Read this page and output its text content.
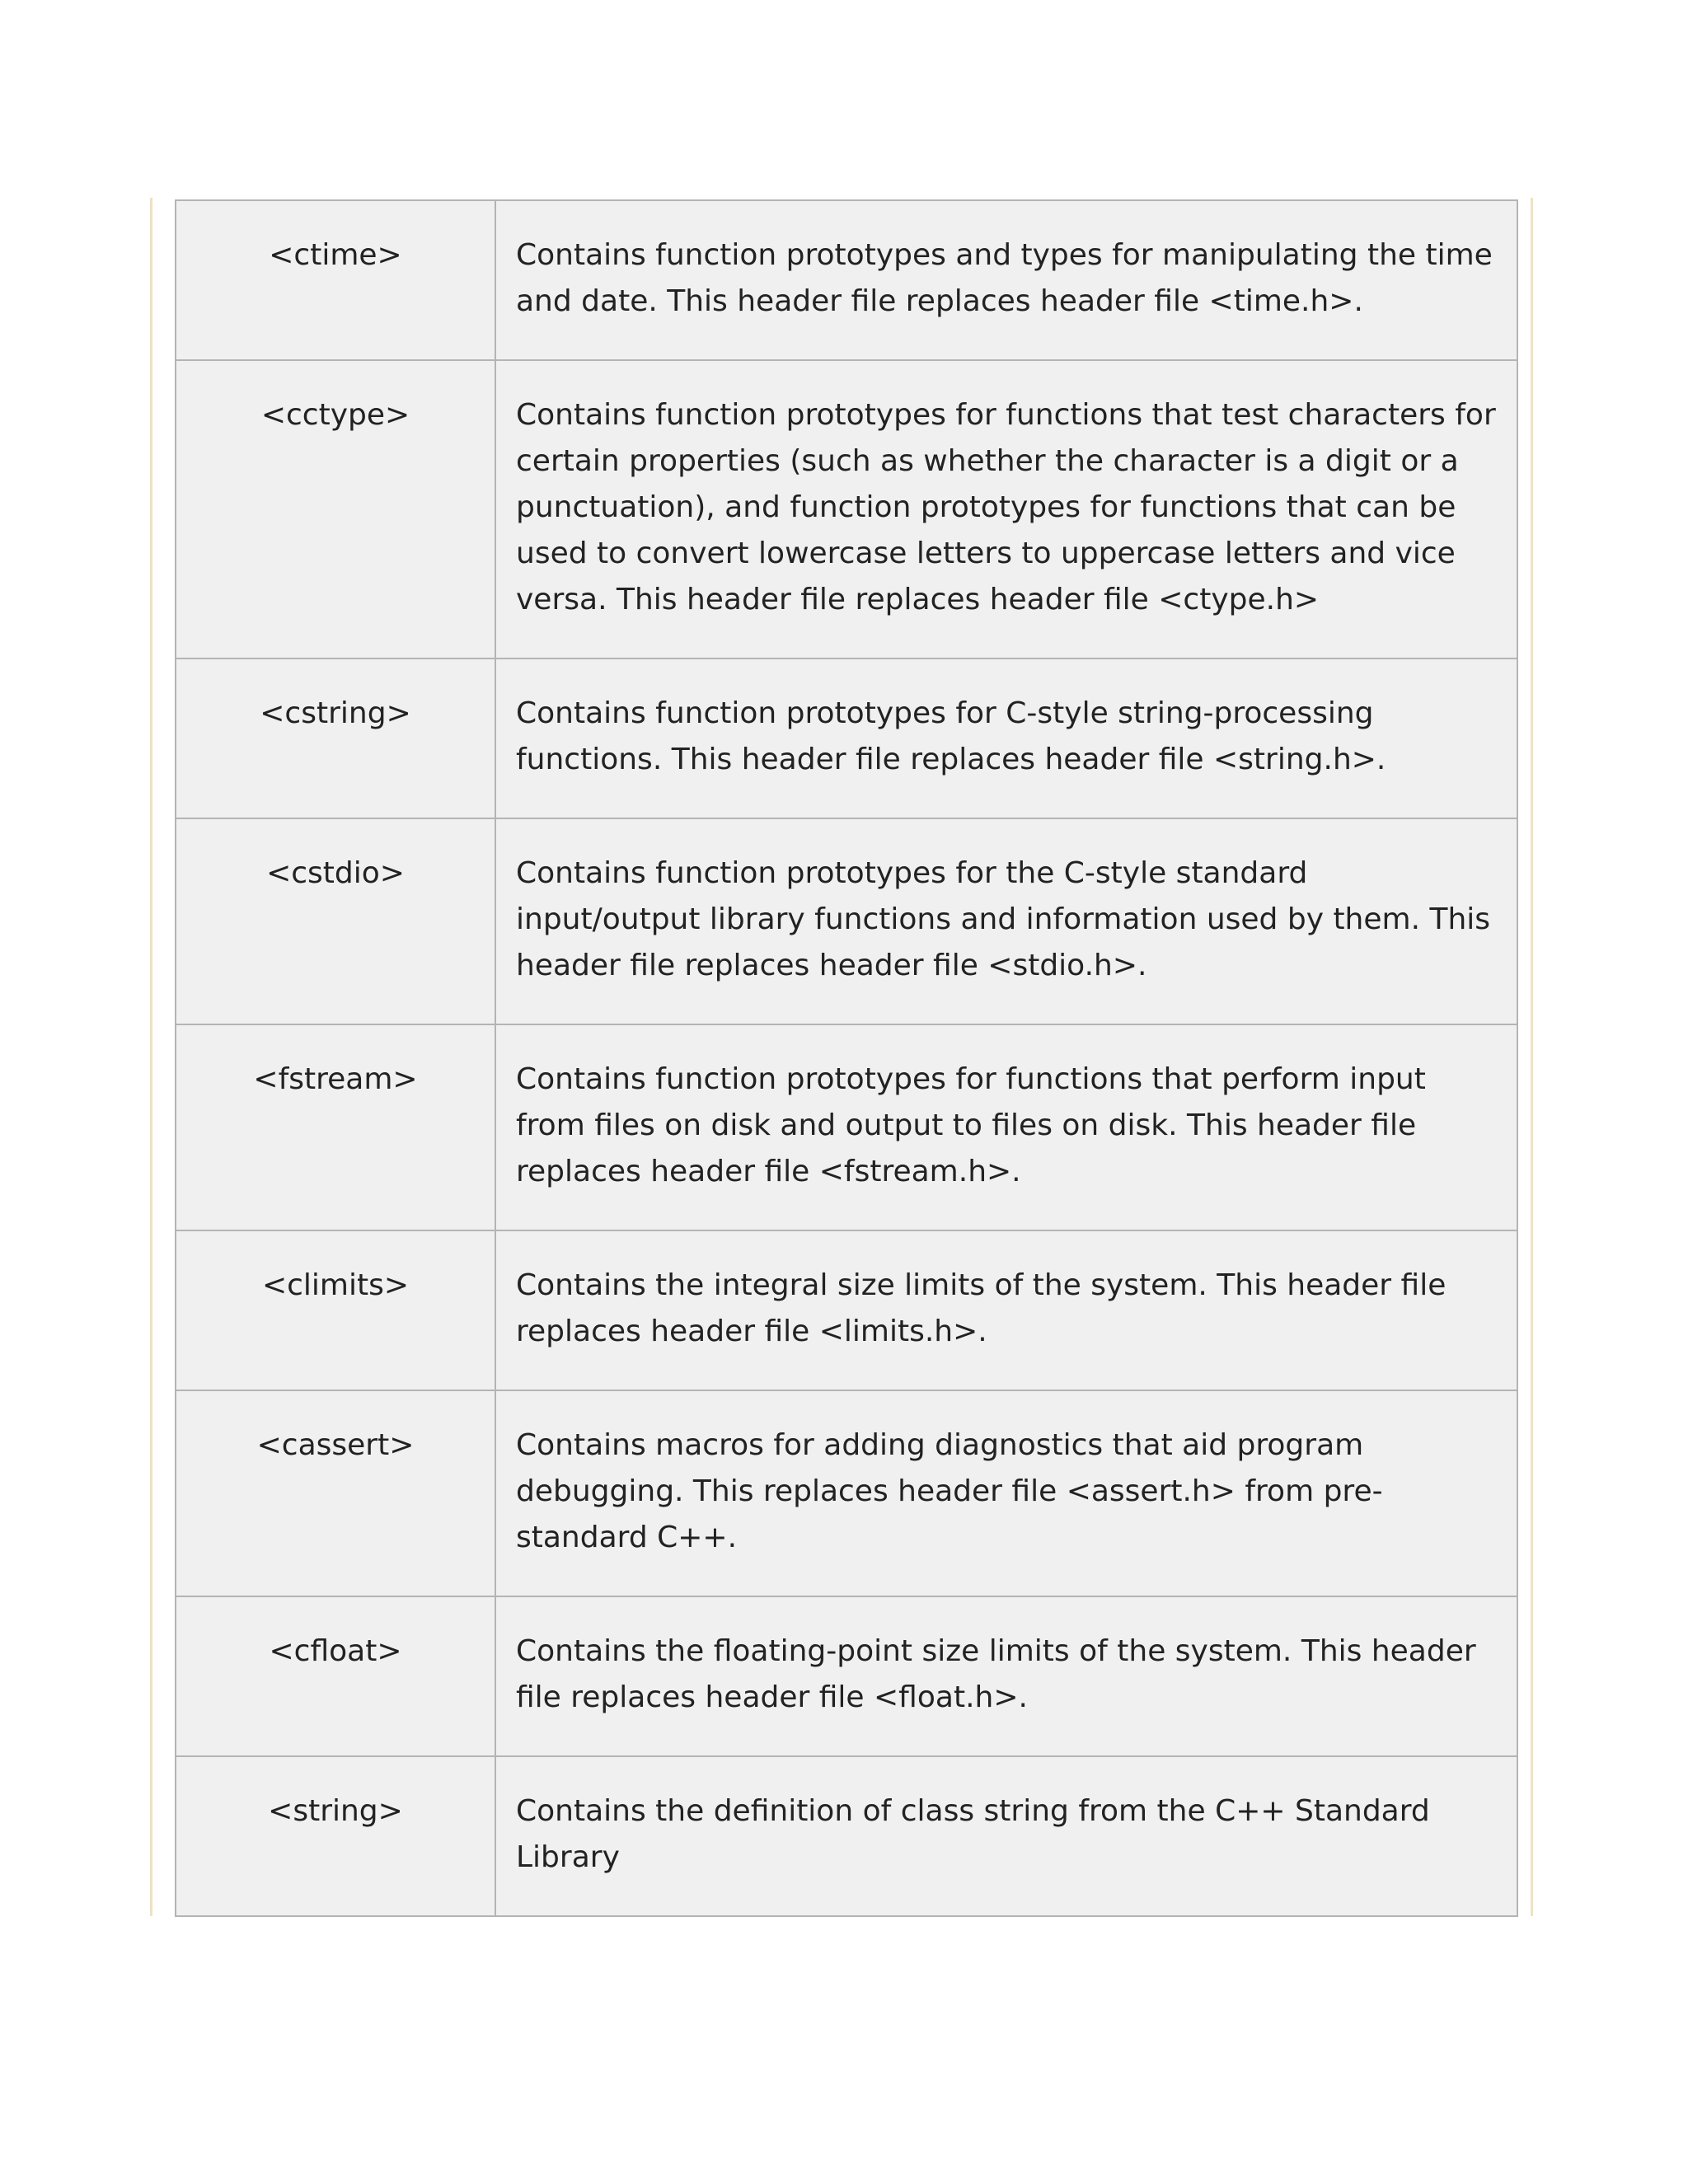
<ctime>	Contains function prototypes and types for manipulating the time and date. This header file replaces header file <time.h>.
<cctype>	Contains function prototypes for functions that test characters for certain properties (such as whether the character is a digit or a punctuation), and function prototypes for functions that can be used to convert lowercase letters to uppercase letters and vice versa. This header file replaces header file <ctype.h>
<cstring>	Contains function prototypes for C-style string-processing functions. This header file replaces header file <string.h>.
<cstdio>	Contains function prototypes for the C-style standard input/output library functions and information used by them. This header file replaces header file <stdio.h>.
<fstream>	Contains function prototypes for functions that perform input from files on disk and output to files on disk. This header file replaces header file <fstream.h>.
<climits>	Contains the integral size limits of the system. This header file replaces header file <limits.h>.
<cassert>	Contains macros for adding diagnostics that aid program debugging. This replaces header file <assert.h> from pre-standard C++.
<cfloat>	Contains the floating-point size limits of the system. This header file replaces header file <float.h>.
<string>	Contains the definition of class string from the C++ Standard Library
